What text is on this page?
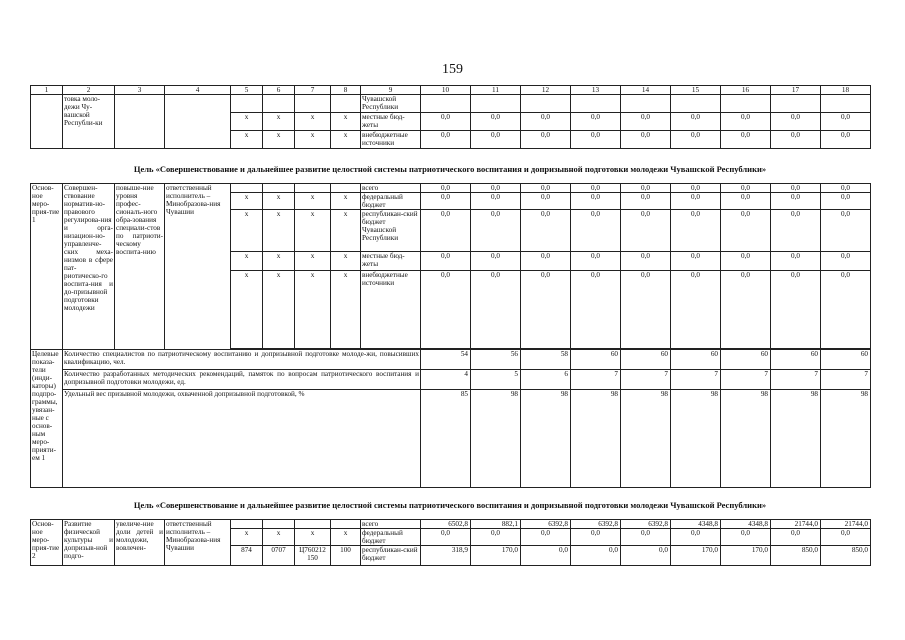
159
1	2	3	4	5	6	7	8	9	10	11	12	13	14	15	16	17	18
	товка моло-дежи Чу-вашской Республи-ки							Чувашской Республики									
				x	x	x	x	местные бюд-жеты	0,0	0,0	0,0	0,0	0,0	0,0	0,0	0,0	0,0
				x	x	x	x	внебюджетные источники	0,0	0,0	0,0	0,0	0,0	0,0	0,0	0,0	0,0
Цель «Совершенствование и дальнейшее развитие целостной системы патриотического воспитания и допризывной подготовки молодежи Чувашской Республики»
Основ-ное меро-прия-тие 1	Совершен-ствование норматив-но-правового регулирова-ния и орга-низацион-но-управленче-ских меха-низмов в сфере пат-риотическо-го воспита-ния и до-призывной подготовки молодежи	повыше-ние уровня профес-сионалъ-ного обра-зования специали-стов по патриоти-ческому воспита-нию	ответственный исполнитель – Минобразова-ния Чувашии					всего	0,0	0,0	0,0	0,0	0,0	0,0	0,0	0,0	0,0
				x	x	x	x	федеральный бюджет	0,0	0,0	0,0	0,0	0,0	0,0	0,0	0,0	0,0
				x	x	x	x	республикан-ский бюджет Чувашской Республики	0,0	0,0	0,0	0,0	0,0	0,0	0,0	0,0	0,0
				x	x	x	x	местные бюд-жеты	0,0	0,0	0,0	0,0	0,0	0,0	0,0	0,0	0,0
				x	x	x	x	внебюджетные источники	0,0	0,0	0,0	0,0	0,0	0,0	0,0	0,0	0,0

Целевые показа-тели (инди-каторы) подпро-граммы, увязан-ные с основ-ным меро-прияти-ем 1	Количество специалистов по патриотическому воспитанию и допризывной подготовке молоде-жи, повысивших квалификацию, чел.								54	56	58	60	60	60	60	60	60
	Количество разработанных методических рекомендаций, памяток по вопросам патриотического воспитания и допризывной подготовки молодежи, ед.								4	5	6	7	7	7	7	7	7
	Удельный вес призывной молодежи, охваченной допризывной подготовкой, %								85	98	98	98	98	98	98	98	98
Цель «Совершенствование и дальнейшее развитие целостной системы патриотического воспитания и допризывной подготовки молодежи Чувашской Республики»
Основ-ное меро-прия-тие 2	Развитие физической культуры и допризыв-ной подго-	увеличе-ние доли детей и молодежи, вовлечен-	ответственный исполнитель – Минобразова-ния Чувашии					всего	6502,8	882,1	6392,8	6392,8	6392,8	4348,8	4348,8	21744,0	21744,0
				x	x	x	x	федеральный бюджет	0,0	0,0	0,0	0,0	0,0	0,0	0,0	0,0	0,0
				874	0707	Ц760212 150	100	республикан-ский бюджет	318,9	170,0	0,0	0,0	0,0	170,0	170,0	850,0	850,0
